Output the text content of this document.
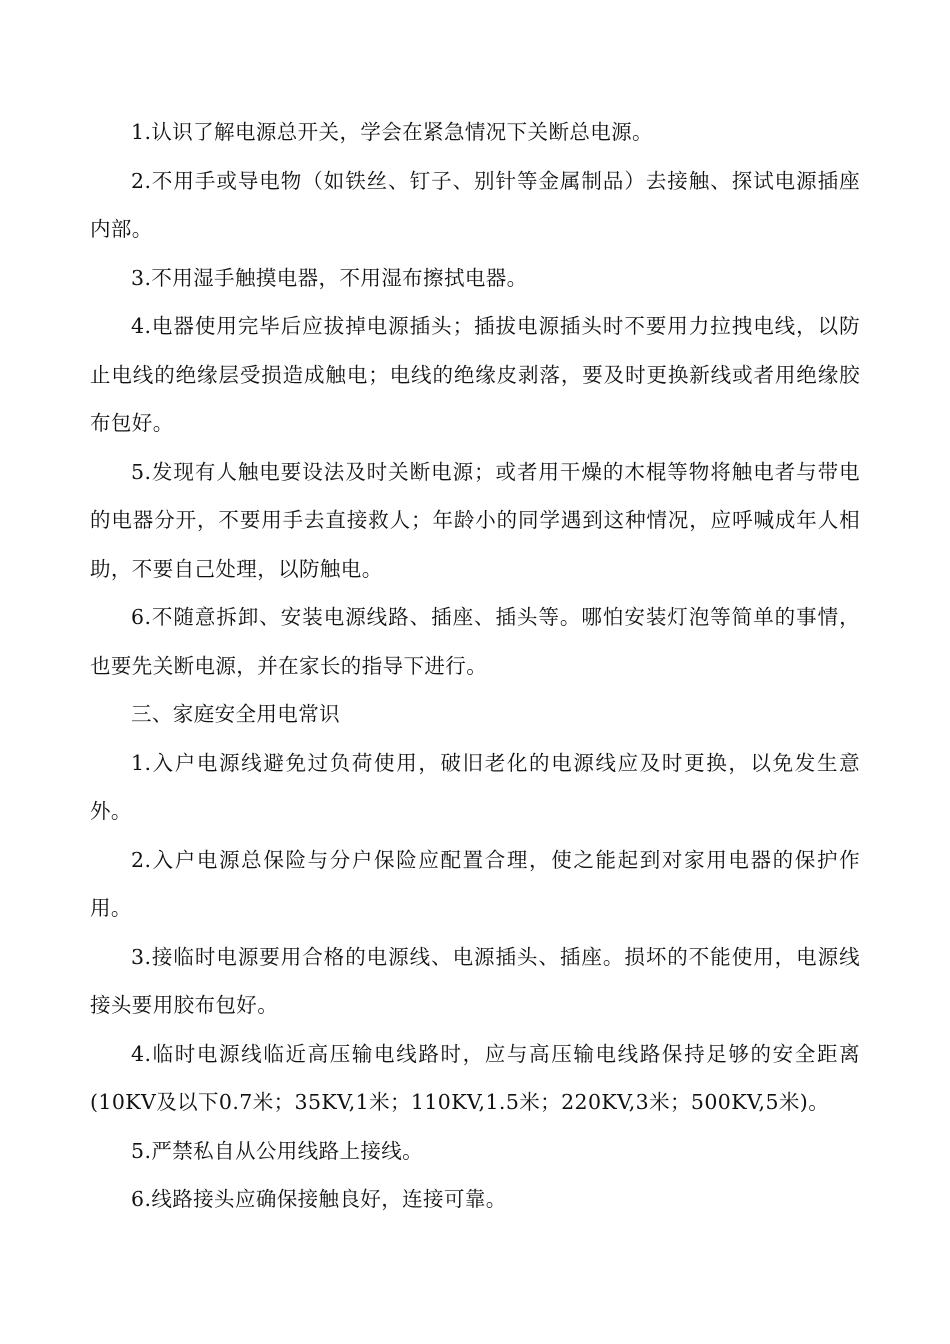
1.认识了解电源总开关，学会在紧急情况下关断总电源。

2.不用手或导电物（如铁丝、钉子、别针等金属制品）去接触、探试电源插座内部。

3.不用湿手触摸电器，不用湿布擦拭电器。

4.电器使用完毕后应拔掉电源插头；插拔电源插头时不要用力拉拽电线，以防止电线的绝缘层受损造成触电；电线的绝缘皮剥落，要及时更换新线或者用绝缘胶布包好。

5.发现有人触电要设法及时关断电源；或者用干燥的木棍等物将触电者与带电的电器分开，不要用手去直接救人；年龄小的同学遇到这种情况，应呼喊成年人相助，不要自己处理，以防触电。

6.不随意拆卸、安装电源线路、插座、插头等。哪怕安装灯泡等简单的事情，也要先关断电源，并在家长的指导下进行。

三、家庭安全用电常识

1.入户电源线避免过负荷使用，破旧老化的电源线应及时更换，以免发生意外。

2.入户电源总保险与分户保险应配置合理，使之能起到对家用电器的保护作用。

3.接临时电源要用合格的电源线、电源插头、插座。损坏的不能使用，电源线接头要用胶布包好。

4.临时电源线临近高压输电线路时，应与高压输电线路保持足够的安全距离(10KV及以下0.7米；35KV,1米；110KV,1.5米；220KV,3米；500KV,5米)。

5.严禁私自从公用线路上接线。

6.线路接头应确保接触良好，连接可靠。
